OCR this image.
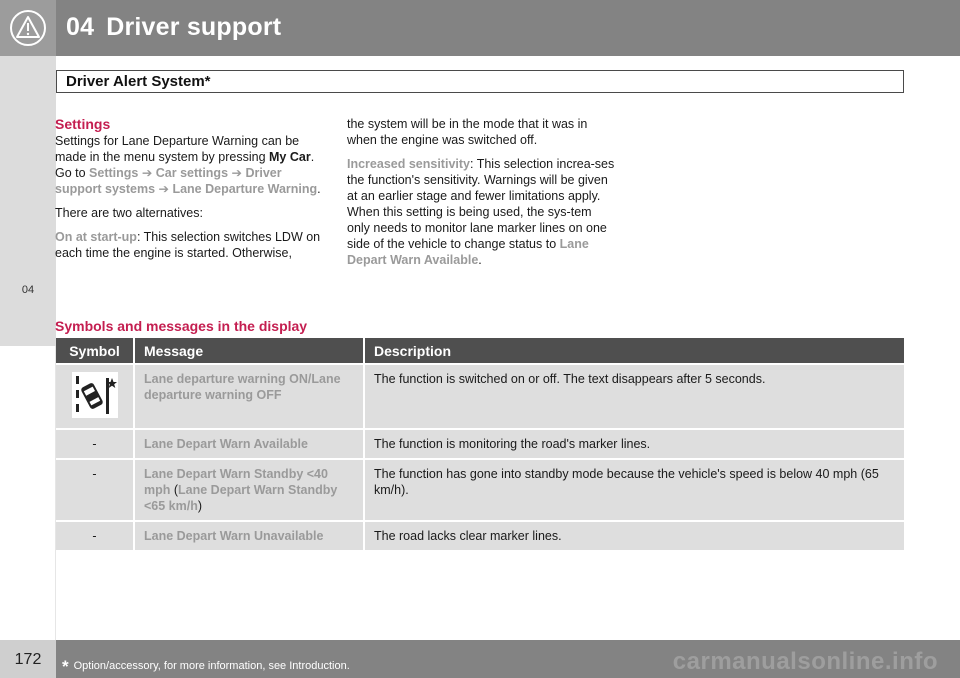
04 Driver support
04
Driver Alert System*
Settings

Settings for Lane Departure Warning can be made in the menu system by pressing My Car. Go to Settings ➔ Car settings ➔ Driver support systems ➔ Lane Departure Warning.

There are two alternatives:

On at start-up: This selection switches LDW on each time the engine is started. Otherwise,

the system will be in the mode that it was in when the engine was switched off.

Increased sensitivity: This selection increa-ses the function's sensitivity. Warnings will be given at an earlier stage and fewer limitations apply. When this setting is being used, the sys-tem only needs to monitor lane marker lines on one side of the vehicle to change status to Lane Depart Warn Available.

Symbols and messages in the display
Symbol	Message	Description
	Lane departure warning ON/Lane departure warning OFF	The function is switched on or off. The text disappears after 5 seconds.
-	Lane Depart Warn Available	The function is monitoring the road's marker lines.
-	Lane Depart Warn Standby <40 mph (Lane Depart Warn Standby <65 km/h)	The function has gone into standby mode because the vehicle's speed is below 40 mph (65 km/h).
-	Lane Depart Warn Unavailable	The road lacks clear marker lines.
172	* Option/accessory, for more information, see Introduction.	carmanualsonline.info
